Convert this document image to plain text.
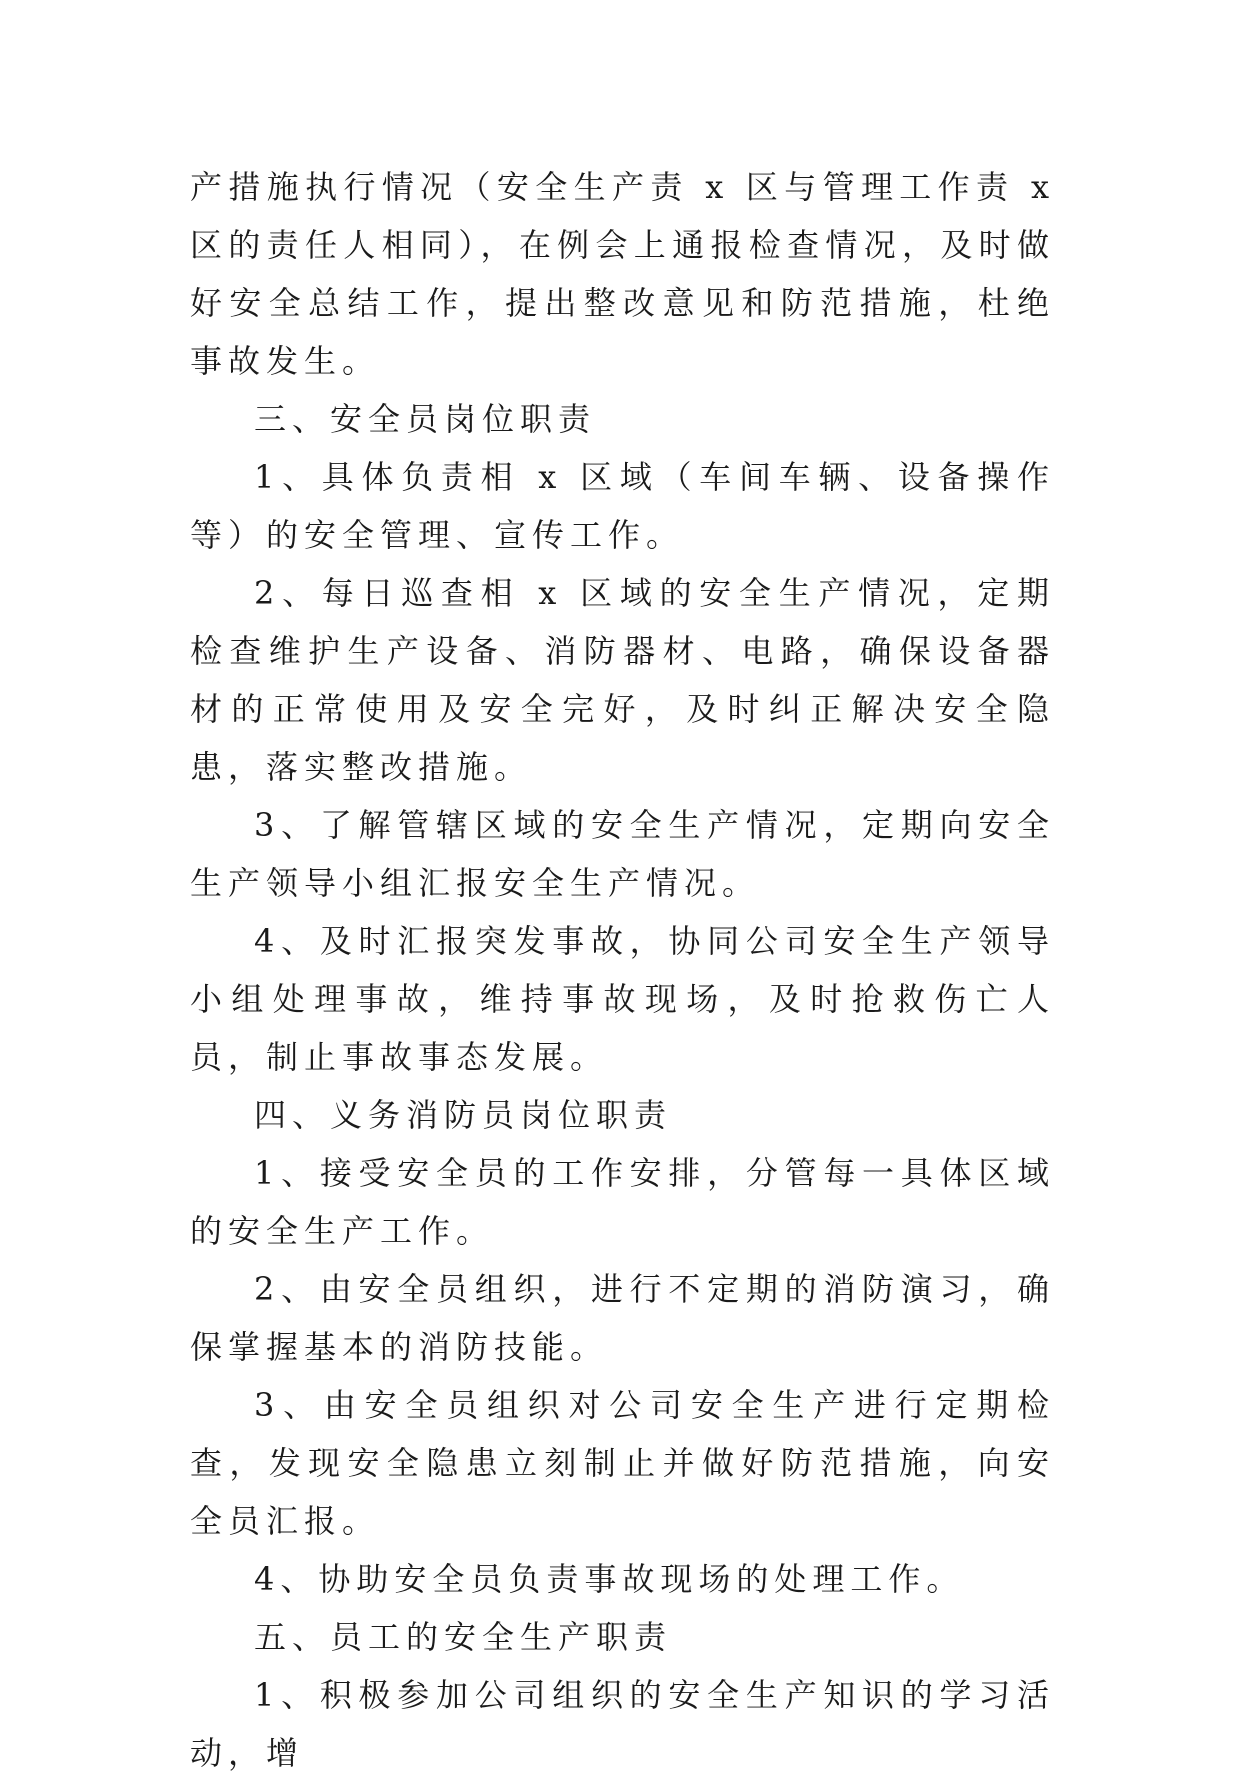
产措施执行情况（安全生产责 x 区与管理工作责 x 区的责任人相同），在例会上通报检查情况，及时做好安全总结工作，提出整改意见和防范措施，杜绝事故发生。

三、安全员岗位职责

1、具体负责相 x 区域（车间车辆、设备操作等）的安全管理、宣传工作。

2、每日巡查相 x 区域的安全生产情况，定期检查维护生产设备、消防器材、电路，确保设备器材的正常使用及安全完好，及时纠正解决安全隐患，落实整改措施。

3、了解管辖区域的安全生产情况，定期向安全生产领导小组汇报安全生产情况。

4、及时汇报突发事故，协同公司安全生产领导小组处理事故，维持事故现场，及时抢救伤亡人员，制止事故事态发展。

四、义务消防员岗位职责

1、接受安全员的工作安排，分管每一具体区域的安全生产工作。

2、由安全员组织，进行不定期的消防演习，确保掌握基本的消防技能。

3、由安全员组织对公司安全生产进行定期检查，发现安全隐患立刻制止并做好防范措施，向安全员汇报。

4、协助安全员负责事故现场的处理工作。

五、员工的安全生产职责

1、积极参加公司组织的安全生产知识的学习活动，增
